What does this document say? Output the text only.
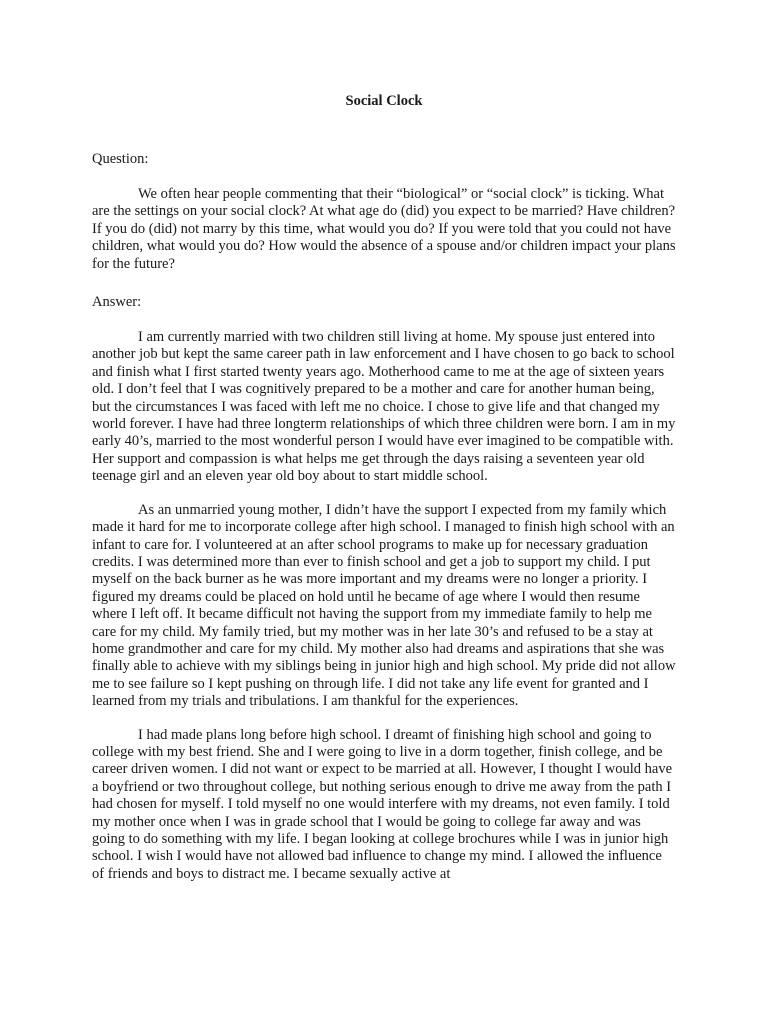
Social Clock
Question:

We often hear people commenting that their “biological” or “social clock” is ticking. What are the settings on your social clock? At what age do (did) you expect to be married? Have children? If you do (did) not marry by this time, what would you do? If you were told that you could not have children, what would you do? How would the absence of a spouse and/or children impact your plans for the future?

Answer:

I am currently married with two children still living at home. My spouse just entered into another job but kept the same career path in law enforcement and I have chosen to go back to school and finish what I first started twenty years ago. Motherhood came to me at the age of sixteen years old. I don’t feel that I was cognitively prepared to be a mother and care for another human being, but the circumstances I was faced with left me no choice. I chose to give life and that changed my world forever. I have had three longterm relationships of which three children were born. I am in my early 40’s, married to the most wonderful person I would have ever imagined to be compatible with. Her support and compassion is what helps me get through the days raising a seventeen year old teenage girl and an eleven year old boy about to start middle school.

As an unmarried young mother, I didn’t have the support I expected from my family which made it hard for me to incorporate college after high school. I managed to finish high school with an infant to care for. I volunteered at an after school programs to make up for necessary graduation credits. I was determined more than ever to finish school and get a job to support my child. I put myself on the back burner as he was more important and my dreams were no longer a priority. I figured my dreams could be placed on hold until he became of age where I would then resume where I left off. It became difficult not having the support from my immediate family to help me care for my child. My family tried, but my mother was in her late 30’s and refused to be a stay at home grandmother and care for my child. My mother also had dreams and aspirations that she was finally able to achieve with my siblings being in junior high and high school. My pride did not allow me to see failure so I kept pushing on through life. I did not take any life event for granted and I learned from my trials and tribulations. I am thankful for the experiences.

I had made plans long before high school. I dreamt of finishing high school and going to college with my best friend. She and I were going to live in a dorm together, finish college, and be career driven women. I did not want or expect to be married at all. However, I thought I would have a boyfriend or two throughout college, but nothing serious enough to drive me away from the path I had chosen for myself. I told myself no one would interfere with my dreams, not even family. I told my mother once when I was in grade school that I would be going to college far away and was going to do something with my life. I began looking at college brochures while I was in junior high school. I wish I would have not allowed bad influence to change my mind. I allowed the influence of friends and boys to distract me. I became sexually active at
